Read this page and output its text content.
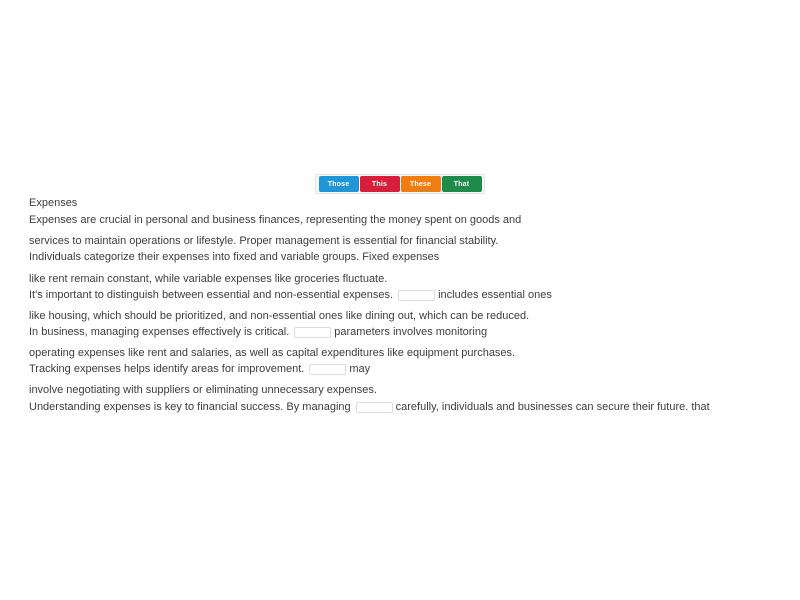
Those	This	These	That
Expenses
Expenses are crucial in personal and business finances, representing the money spent on goods and
services to maintain operations or lifestyle. Proper management is essential for financial stability.
Individuals categorize their expenses into fixed and variable groups. Fixed expenses
like rent remain constant, while variable expenses like groceries fluctuate.
It's important to distinguish between essential and non-essential expenses.	includes essential ones
like housing, which should be prioritized, and non-essential ones like dining out, which can be reduced.
In business, managing expenses effectively is critical.	parameters involves monitoring
operating expenses like rent and salaries, as well as capital expenditures like equipment purchases.
Tracking expenses helps identify areas for improvement.	may
involve negotiating with suppliers or eliminating unnecessary expenses.
Understanding expenses is key to financial success. By managing	carefully, individuals and businesses can secure their future. that
